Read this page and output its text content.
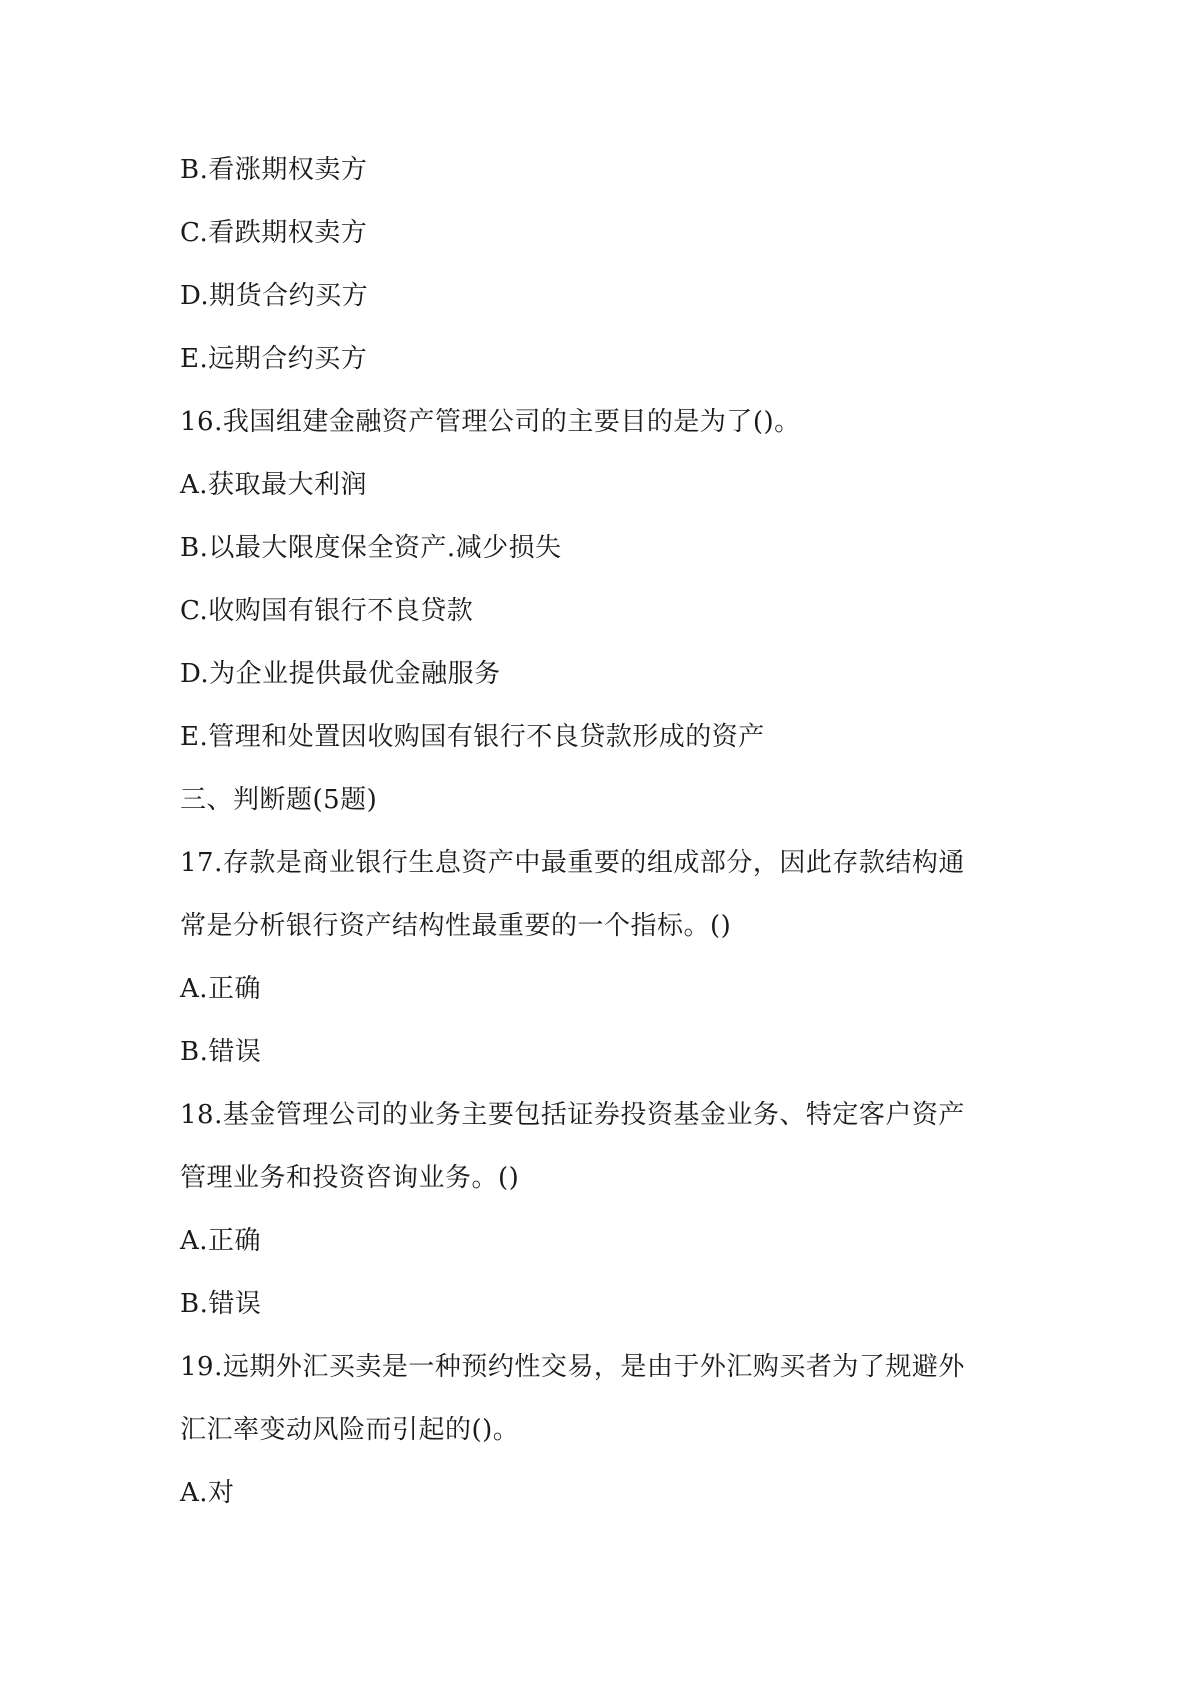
B.看涨期权卖方
C.看跌期权卖方
D.期货合约买方
E.远期合约买方
16.我国组建金融资产管理公司的主要目的是为了()。
A.获取最大利润
B.以最大限度保全资产.减少损失
C.收购国有银行不良贷款
D.为企业提供最优金融服务
E.管理和处置因收购国有银行不良贷款形成的资产
三、判断题(5题)
17.存款是商业银行生息资产中最重要的组成部分，因此存款结构通
常是分析银行资产结构性最重要的一个指标。()
A.正确
B.错误
18.基金管理公司的业务主要包括证券投资基金业务、特定客户资产
管理业务和投资咨询业务。()
A.正确
B.错误
19.远期外汇买卖是一种预约性交易，是由于外汇购买者为了规避外
汇汇率变动风险而引起的()。
A.对
